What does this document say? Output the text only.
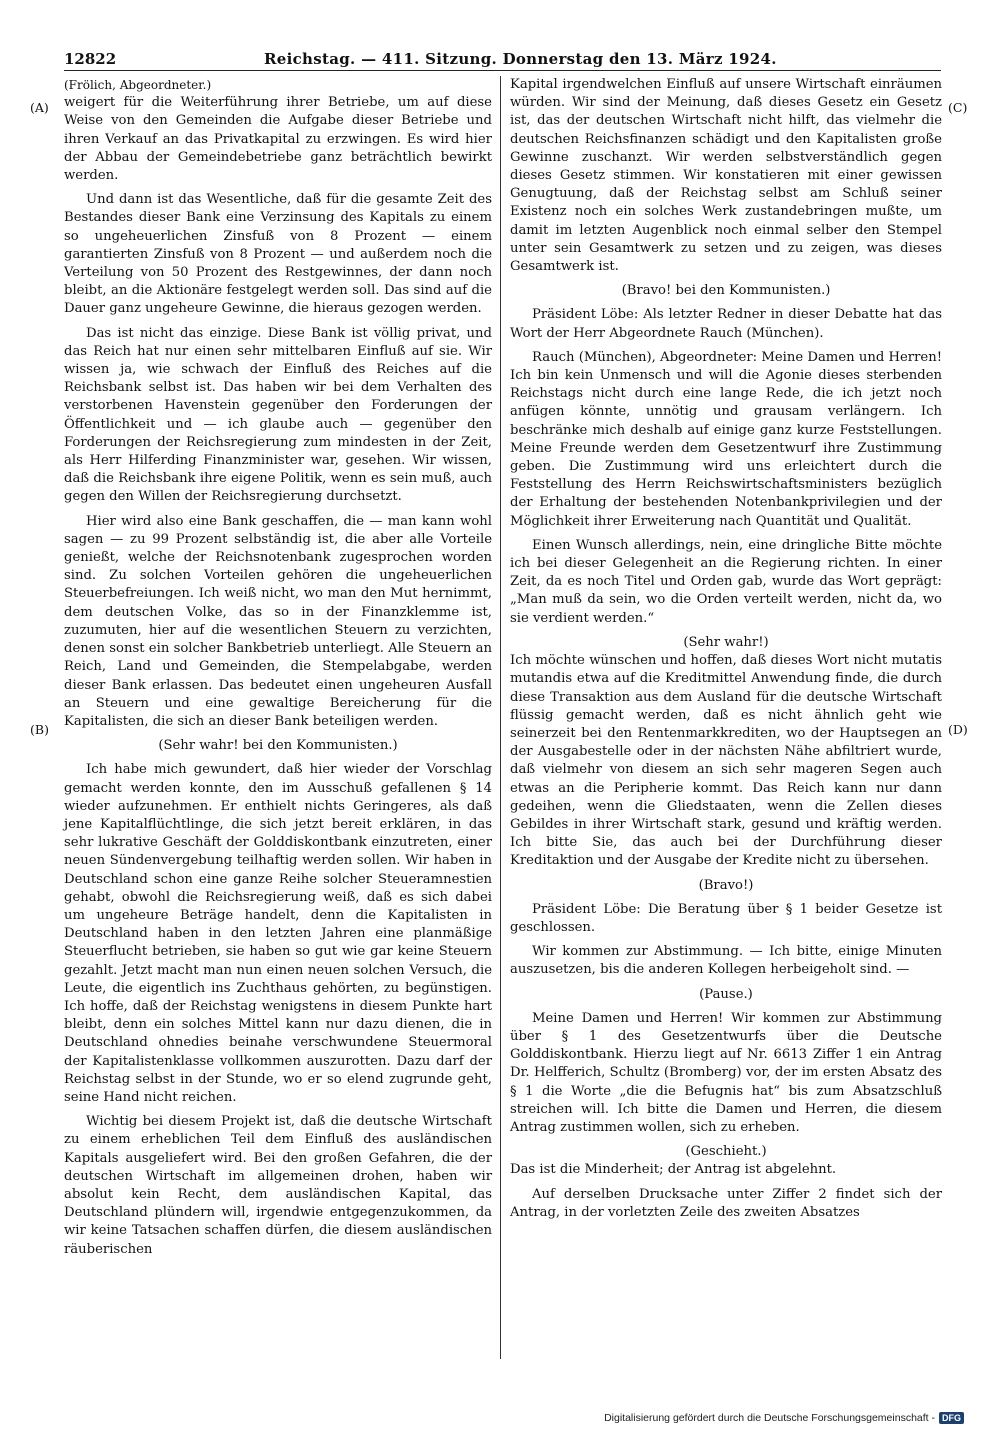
12822	Reichstag. — 411. Sitzung. Donnerstag den 13. März 1924.
(A)
(B)
(C)
(D)

(Frölich, Abgeordneter.)

weigert für die Weiterführung ihrer Betriebe, um auf diese Weise von den Gemeinden die Aufgabe dieser Betriebe und ihren Verkauf an das Privatkapital zu erzwingen. Es wird hier der Abbau der Gemeindebetriebe ganz beträchtlich bewirkt werden.

Und dann ist das Wesentliche, daß für die gesamte Zeit des Bestandes dieser Bank eine Verzinsung des Kapitals zu einem so ungeheuerlichen Zinsfuß von 8 Prozent — einem garantierten Zinsfuß von 8 Prozent — und außerdem noch die Verteilung von 50 Prozent des Restgewinnes, der dann noch bleibt, an die Aktionäre festgelegt werden soll. Das sind auf die Dauer ganz ungeheure Gewinne, die hieraus gezogen werden.

Das ist nicht das einzige. Diese Bank ist völlig privat, und das Reich hat nur einen sehr mittelbaren Einfluß auf sie. Wir wissen ja, wie schwach der Einfluß des Reiches auf die Reichsbank selbst ist. Das haben wir bei dem Verhalten des verstorbenen Havenstein gegenüber den Forderungen der Öffentlichkeit und — ich glaube auch — gegenüber den Forderungen der Reichsregierung zum mindesten in der Zeit, als Herr Hilferding Finanzminister war, gesehen. Wir wissen, daß die Reichsbank ihre eigene Politik, wenn es sein muß, auch gegen den Willen der Reichsregierung durchsetzt.

Hier wird also eine Bank geschaffen, die — man kann wohl sagen — zu 99 Prozent selbständig ist, die aber alle Vorteile genießt, welche der Reichsnotenbank zugesprochen worden sind. Zu solchen Vorteilen gehören die ungeheuerlichen Steuerbefreiungen. Ich weiß nicht, wo man den Mut hernimmt, dem deutschen Volke, das so in der Finanzklemme ist, zuzumuten, hier auf die wesentlichen Steuern zu verzichten, denen sonst ein solcher Bankbetrieb unterliegt. Alle Steuern an Reich, Land und Gemeinden, die Stempelabgabe, werden dieser Bank erlassen. Das bedeutet einen ungeheuren Ausfall an Steuern und eine gewaltige Bereicherung für die Kapitalisten, die sich an dieser Bank beteiligen werden.

(Sehr wahr! bei den Kommunisten.)

Ich habe mich gewundert, daß hier wieder der Vorschlag gemacht werden konnte, den im Ausschuß gefallenen § 14 wieder aufzunehmen. Er enthielt nichts Geringeres, als daß jene Kapitalflüchtlinge, die sich jetzt bereit erklären, in das sehr lukrative Geschäft der Golddiskontbank einzutreten, einer neuen Sündenvergebung teilhaftig werden sollen. Wir haben in Deutschland schon eine ganze Reihe solcher Steueramnestien gehabt, obwohl die Reichsregierung weiß, daß es sich dabei um ungeheure Beträge handelt, denn die Kapitalisten in Deutschland haben in den letzten Jahren eine planmäßige Steuerflucht betrieben, sie haben so gut wie gar keine Steuern gezahlt. Jetzt macht man nun einen neuen solchen Versuch, die Leute, die eigentlich ins Zuchthaus gehörten, zu begünstigen. Ich hoffe, daß der Reichstag wenigstens in diesem Punkte hart bleibt, denn ein solches Mittel kann nur dazu dienen, die in Deutschland ohnedies beinahe verschwundene Steuermoral der Kapitalistenklasse vollkommen auszurotten. Dazu darf der Reichstag selbst in der Stunde, wo er so elend zugrunde geht, seine Hand nicht reichen.

Wichtig bei diesem Projekt ist, daß die deutsche Wirtschaft zu einem erheblichen Teil dem Einfluß des ausländischen Kapitals ausgeliefert wird. Bei den großen Gefahren, die der deutschen Wirtschaft im allgemeinen drohen, haben wir absolut kein Recht, dem ausländischen Kapital, das Deutschland plündern will, irgendwie entgegenzukommen, da wir keine Tatsachen schaffen dürfen, die diesem ausländischen räuberischen

Kapital irgendwelchen Einfluß auf unsere Wirtschaft einräumen würden. Wir sind der Meinung, daß dieses Gesetz ein Gesetz ist, das der deutschen Wirtschaft nicht hilft, das vielmehr die deutschen Reichsfinanzen schädigt und den Kapitalisten große Gewinne zuschanzt. Wir werden selbstverständlich gegen dieses Gesetz stimmen. Wir konstatieren mit einer gewissen Genugtuung, daß der Reichstag selbst am Schluß seiner Existenz noch ein solches Werk zustandebringen mußte, um damit im letzten Augenblick noch einmal selber den Stempel unter sein Gesamtwerk zu setzen und zu zeigen, was dieses Gesamtwerk ist.

(Bravo! bei den Kommunisten.)

Präsident Löbe: Als letzter Redner in dieser Debatte hat das Wort der Herr Abgeordnete Rauch (München).

Rauch (München), Abgeordneter: Meine Damen und Herren! Ich bin kein Unmensch und will die Agonie dieses sterbenden Reichstags nicht durch eine lange Rede, die ich jetzt noch anfügen könnte, unnötig und grausam verlängern. Ich beschränke mich deshalb auf einige ganz kurze Feststellungen. Meine Freunde werden dem Gesetzentwurf ihre Zustimmung geben. Die Zustimmung wird uns erleichtert durch die Feststellung des Herrn Reichswirtschaftsministers bezüglich der Erhaltung der bestehenden Notenbankprivilegien und der Möglichkeit ihrer Erweiterung nach Quantität und Qualität.

Einen Wunsch allerdings, nein, eine dringliche Bitte möchte ich bei dieser Gelegenheit an die Regierung richten. In einer Zeit, da es noch Titel und Orden gab, wurde das Wort geprägt: „Man muß da sein, wo die Orden verteilt werden, nicht da, wo sie verdient werden.“

(Sehr wahr!)

Ich möchte wünschen und hoffen, daß dieses Wort nicht mutatis mutandis etwa auf die Kreditmittel Anwendung finde, die durch diese Transaktion aus dem Ausland für die deutsche Wirtschaft flüssig gemacht werden, daß es nicht ähnlich geht wie seinerzeit bei den Rentenmarkkrediten, wo der Hauptsegen an der Ausgabestelle oder in der nächsten Nähe abfiltriert wurde, daß vielmehr von diesem an sich sehr mageren Segen auch etwas an die Peripherie kommt. Das Reich kann nur dann gedeihen, wenn die Gliedstaaten, wenn die Zellen dieses Gebildes in ihrer Wirtschaft stark, gesund und kräftig werden. Ich bitte Sie, das auch bei der Durchführung dieser Kreditaktion und der Ausgabe der Kredite nicht zu übersehen.

(Bravo!)

Präsident Löbe: Die Beratung über § 1 beider Gesetze ist geschlossen.

Wir kommen zur Abstimmung. — Ich bitte, einige Minuten auszusetzen, bis die anderen Kollegen herbeigeholt sind. —

(Pause.)

Meine Damen und Herren! Wir kommen zur Abstimmung über § 1 des Gesetzentwurfs über die Deutsche Golddiskontbank. Hierzu liegt auf Nr. 6613 Ziffer 1 ein Antrag Dr. Helfferich, Schultz (Bromberg) vor, der im ersten Absatz des § 1 die Worte „die die Befugnis hat“ bis zum Absatzschluß streichen will. Ich bitte die Damen und Herren, die diesem Antrag zustimmen wollen, sich zu erheben.

(Geschieht.)

Das ist die Minderheit; der Antrag ist abgelehnt.

Auf derselben Drucksache unter Ziffer 2 findet sich der Antrag, in der vorletzten Zeile des zweiten Absatzes

Digitalisierung gefördert durch die Deutsche Forschungsgemeinschaft - DFG
